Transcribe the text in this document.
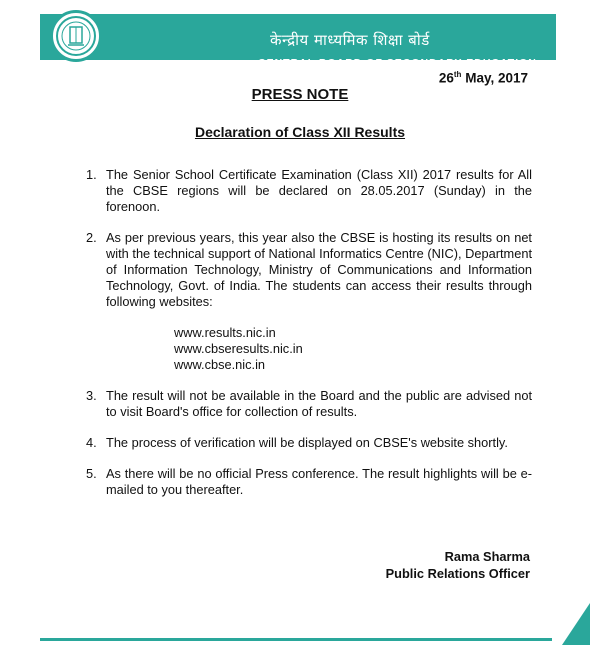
केन्द्रीय माध्यमिक शिक्षा बोर्ड
CENTRAL BOARD OF SECONDARY EDUCATION
26th May, 2017
PRESS NOTE
Declaration of Class XII Results
1. The Senior School Certificate Examination (Class XII) 2017 results for All the CBSE regions will be declared on 28.05.2017 (Sunday) in the forenoon.
2. As per previous years, this year also the CBSE is hosting its results on net with the technical support of National Informatics Centre (NIC), Department of Information Technology, Ministry of Communications and Information Technology, Govt. of India. The students can access their results through following websites:
www.results.nic.in
www.cbseresults.nic.in
www.cbse.nic.in
3. The result will not be available in the Board and the public are advised not to visit Board's office for collection of results.
4. The process of verification will be displayed on CBSE's website shortly.
5. As there will be no official Press conference. The result highlights will be e-mailed to you thereafter.
Rama Sharma
Public Relations Officer
